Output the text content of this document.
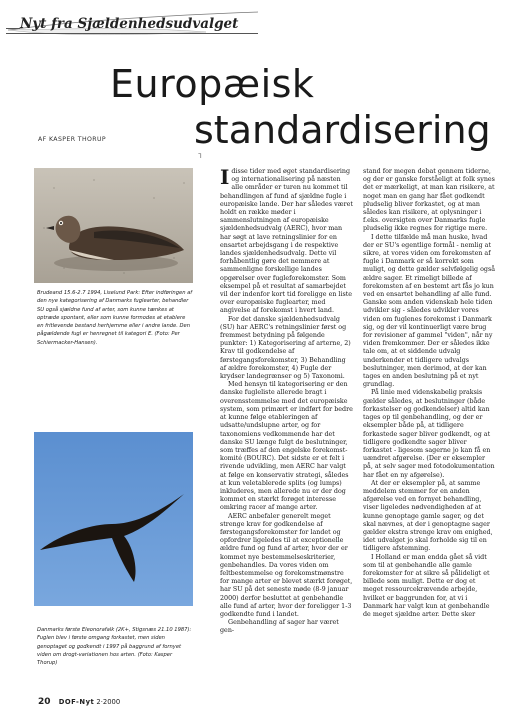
Nyt fra Sjældenhedsudvalget
Europæisk
standardisering
AF KASPER THORUP
ᒣ
Brudeand 15.6-2.7 1994, Liselund Park: Efter indføringen af den nye kategorisering af Danmarks fuglearter, behandler SU også sjældne fund af arter, som kunne tænkes at optræde spontant, eller som kunne formodes at etablere en fritlevende bestand herhjemme eller i andre lande. Den pågældende fugl er henregnet til kategori E. (Foto: Per Schiermacker-Hansen).
Danmarks første Eleonorafalk (2K+, Stigsnæs 21.10 1987): Fuglen blev i første omgang forkastet, men siden genoptaget og godkendt i 1997 på baggrund af fornyet viden om drogt-variationen hos arten. (Foto: Kasper Thorup)

Idisse tider med øget standardisering og internationalisering på næsten alle områder er turen nu kommet til behandlingen af fund af sjældne fugle i europæiske lande. Der har således været holdt en række møder i sammenslutningen af europæiske sjældenhedsudvalg (AERC), hvor man har søgt at lave retningslinier for en ensartet arbejdsgang i de respektive landes sjældenhedsudvalg. Dette vil forhåbentlig gøre det nemmere at sammenligne forskellige landes opgørelser over fugleforekomster. Som eksempel på et resultat af samarbejdet vil der indenfor kort tid foreligge en liste over europæiske fuglearter, med angivelse af forekomst i hvert land.

For det danske sjældenhedsudvalg (SU) har AERC's retningslinier først og fremmest betydning på følgende punkter: 1) Kategorisering af arterne, 2) Krav til godkendelse af førstegangsforekomster, 3) Behandling af ældre forekomster, 4) Fugle der krydser landegrænser og 5) Taxonomi.

Med hensyn til kategorisering er den danske fugleliste allerede bragt i overensstemmelse med det europæiske system, som primært er indført for bedre at kunne følge etableringen af udsatte/undslupne arter, og for taxonomiens vedkommende har det danske SU længe fulgt de beslutninger, som træffes af den engelske forekomst-komité (BOURC). Det sidste er et felt i rivende udvikling, men AERC har valgt at følge en konservativ strategi, således at kun veletablerede splits (og lumps) inkluderes, men allerede nu er der dog kommet en stærkt forøget interesse omkring racer af mange arter.

AERC anbefaler generelt meget strenge krav for godkendelse af førstegangsforekomster for landet og opfordrer ligeledes til at exceptionelle ældre fund og fund af arter, hvor der er kommet nye bestemmelseskriterier, genbehandles. Da vores viden om feltbestemmelse og forekomstmønstre for mange arter er blevet stærkt forøget, har SU på det seneste møde (8-9 januar 2000) derfor besluttet at genbehandle alle fund af arter, hvor der foreligger 1-3 godkendte fund i landet.

Genbehandling af sager har været gen-

stand for megen debat gennem tiderne, og der er ganske forståeligt at folk synes det er mærkeligt, at man kan risikere, at noget man en gang har fået godkendt pludselig bliver forkastet, og at man således kan risikere, at oplysninger i f.eks. oversigten over Danmarks fugle pludselig ikke regnes for rigtige mere.

I dette tilfælde må man huske, hvad der er SU's egentlige formål - nemlig at sikre, at vores viden om forekomsten af fugle i Danmark er så korrekt som muligt, og dette gælder selvfølgelig også ældre sager. Et rimeligt billede af forekomsten af en bestemt art fås jo kun ved en ensartet behandling af alle fund. Ganske som anden videnskab hele tiden udvikler sig - således udvikler vores viden om fuglenes forekomst i Danmark sig, og der vil kontinuerligt være brug for revisioner af gammel "viden", når ny viden fremkommer. Der er således ikke tale om, at et siddende udvalg underkender et tidligere udvalgs beslutninger, men derimod, at der kan tages en anden beslutning på et nyt grundlag.

På linie med videnskabelig praksis gælder således, at beslutninger (både forkastelser og godkendelser) altid kan tages op til genbehandling, og der er eksempler både på, at tidligere forkastede sager bliver godkendt, og at tidligere godkendte sager bliver forkastet - ligesom sagerne jo kan få en uændret afgørelse. (Der er eksempler på, at selv sager med fotodokumentation har fået en ny afgørelse).

At der er eksempler på, at samme meddelem stemmer for en anden afgørelse ved en fornyet behandling, viser ligeledes nødvendigheden af at kunne genoptage gamle sager, og det skal nævnes, at der i genoptagne sager gælder ekstra strenge krav om enighed, idet udvalget jo skal forholde sig til en tidligere afstemning.

I Holland er man endda gået så vidt som til at genbehandle alle gamle forekomster for at sikre så pålideligt et billede som muligt. Dette er dog et meget ressourcekrævende arbejde, hvilket er baggrunden for, at vi i Danmark har valgt kun at genbehandle de meget sjældne arter. Dette sker

20 DOF-Nyt 2·2000
